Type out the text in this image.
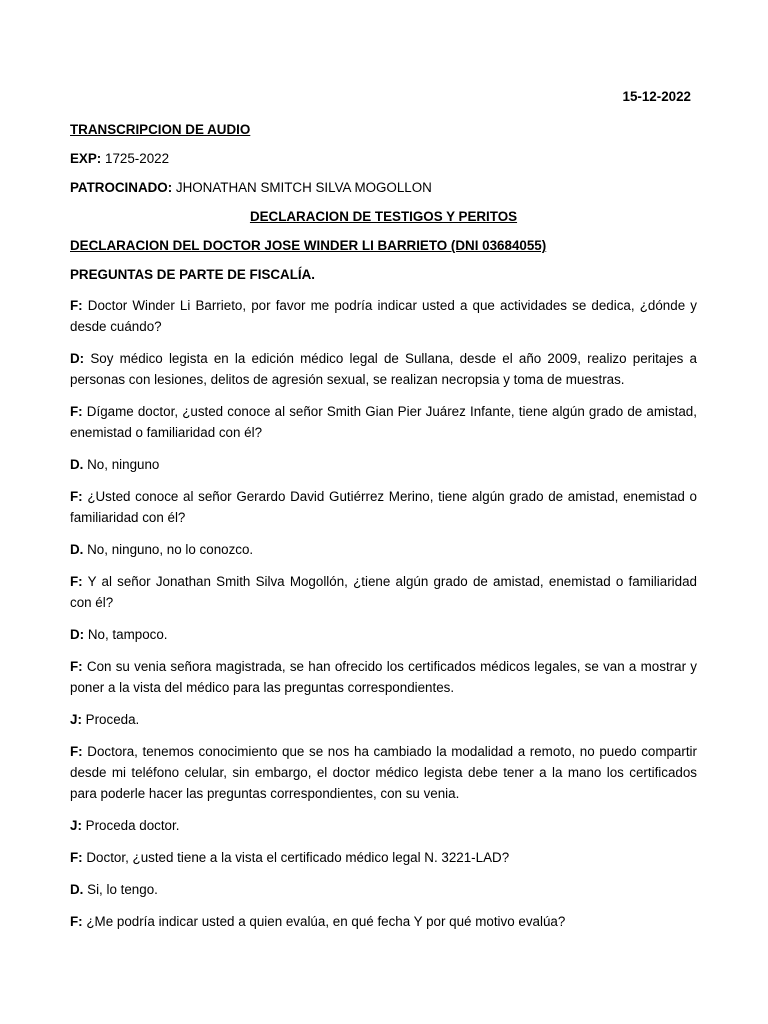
15-12-2022
TRANSCRIPCION DE AUDIO
EXP: 1725-2022
PATROCINADO: JHONATHAN SMITCH SILVA MOGOLLON
DECLARACION DE TESTIGOS Y PERITOS
DECLARACION DEL DOCTOR JOSE WINDER LI BARRIETO (DNI 03684055)
PREGUNTAS DE PARTE DE FISCALÍA.
F: Doctor Winder Li Barrieto, por favor me podría indicar usted a que actividades se dedica, ¿dónde y desde cuándo?
D: Soy médico legista en la edición médico legal de Sullana, desde el año 2009, realizo peritajes a personas con lesiones, delitos de agresión sexual, se realizan necropsia y toma de muestras.
F: Dígame doctor, ¿usted conoce al señor Smith Gian Pier Juárez Infante, tiene algún grado de amistad, enemistad o familiaridad con él?
D. No, ninguno
F: ¿Usted conoce al señor Gerardo David Gutiérrez Merino, tiene algún grado de amistad, enemistad o familiaridad con él?
D. No, ninguno, no lo conozco.
F: Y al señor Jonathan Smith Silva Mogollón, ¿tiene algún grado de amistad, enemistad o familiaridad con él?
D: No, tampoco.
F: Con su venia señora magistrada, se han ofrecido los certificados médicos legales, se van a mostrar y poner a la vista del médico para las preguntas correspondientes.
J: Proceda.
F: Doctora, tenemos conocimiento que se nos ha cambiado la modalidad a remoto, no puedo compartir desde mi teléfono celular, sin embargo, el doctor médico legista debe tener a la mano los certificados para poderle hacer las preguntas correspondientes, con su venia.
J: Proceda doctor.
F: Doctor, ¿usted tiene a la vista el certificado médico legal N. 3221-LAD?
D. Si, lo tengo.
F: ¿Me podría indicar usted a quien evalúa, en qué fecha Y por qué motivo evalúa?
